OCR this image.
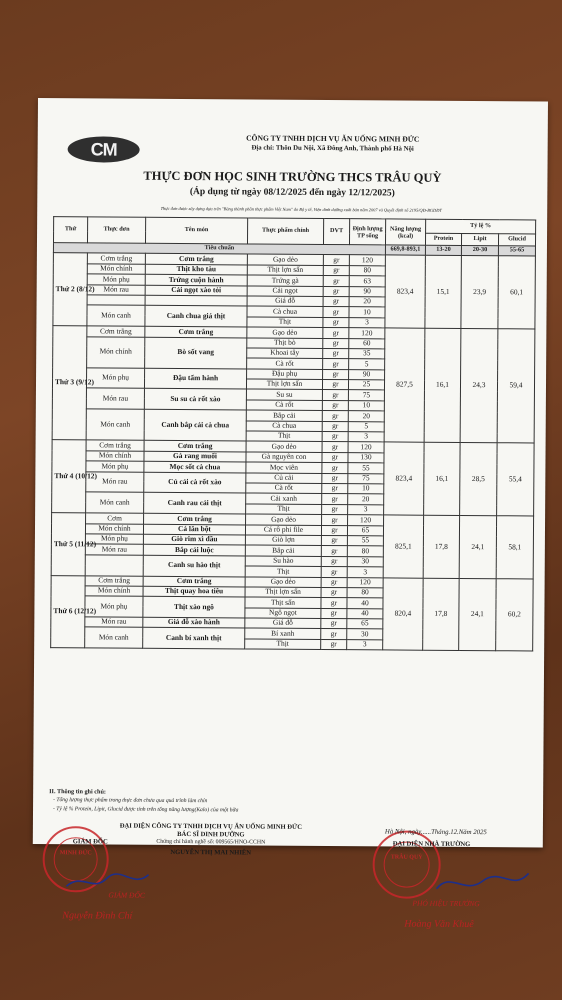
CM
CÔNG TY TNHH DỊCH VỤ ĂN UỐNG MINH ĐỨC
Địa chỉ: Thôn Du Nội, Xã Đông Anh, Thành phố Hà Nội
THỰC ĐƠN HỌC SINH TRƯỜNG THCS TRÂU QUỲ
(Áp dụng từ ngày 08/12/2025 đến ngày 12/12/2025)
Thực đơn được xây dựng dựa trên "Bảng thành phần thực phẩm Việt Nam" do Bộ y tế, Viện dinh dưỡng xuất bản năm 2007 và Quyết định số 2195/QĐ-BGDĐT
Thứ	Thực đơn	Tên món	Thực phẩm chính	DVT	Định lượng TP sống	Năng lượng (kcal)	Tỷ lệ %		
							Protein	Lipit	Glucid
Tiêu chuẩn						669,8-893,1	13-20	20-30	55-65
Thứ 2 (8/12)	Cơm trắng	Cơm trắng	Gạo dẻo	gr	120	823,4	15,1	23,9	60,1
	Món chính	Thịt kho tàu	Thịt lợn sấn	gr	80				
	Món phụ	Trứng cuộn hành	Trứng gà	gr	63				
	Món rau	Cải ngọt xào tỏi	Cải ngọt	gr	90				
			Giá đỗ	gr	20				
	Món canh	Canh chua giá thịt	Cà chua	gr	10				
			Thịt	gr	3				
Thứ 3 (9/12)	Cơm trắng	Cơm trắng	Gạo dẻo	gr	120	827,5	16,1	24,3	59,4
	Món chính	Bò sốt vang	Thịt bò	gr	60				
			Khoai tây	gr	35				
			Cà rốt	gr	5				
	Món phụ	Đậu tẩm hành	Đậu phụ	gr	90				
			Thịt lợn sấn	gr	25				
	Món rau	Su su cà rốt xào	Su su	gr	75				
			Cà rốt	gr	10				
	Món canh	Canh bắp cải cà chua	Bắp cải	gr	20				
			Cà chua	gr	5				
			Thịt	gr	3				
Thứ 4 (10/12)	Cơm trắng	Cơm trắng	Gạo dẻo	gr	120	823,4	16,1	28,5	55,4
	Món chính	Gà rang muối	Gà nguyên con	gr	130				
	Món phụ	Mọc sốt cà chua	Mọc viên	gr	55				
	Món rau	Củ cải cà rốt xào	Củ cải	gr	75				
			Cà rốt	gr	10				
	Món canh	Canh rau cải thịt	Cải xanh	gr	20				
			Thịt	gr	3				
Thứ 5 (11/12)	Cơm	Cơm trắng	Gạo dẻo	gr	120	825,1	17,8	24,1	58,1
	Món chính	Cá lăn bột	Cá rô phi file	gr	65				
	Món phụ	Giò rim xì dầu	Giò lợn	gr	55				
	Món rau	Bắp cải luộc	Bắp cải	gr	80				
		Canh su hào thịt	Su hào	gr	30				
			Thịt	gr	3				
Thứ 6 (12/12)	Cơm trắng	Cơm trắng	Gạo dẻo	gr	120	820,4	17,8	24,1	60,2
	Món chính	Thịt quay hoa tiêu	Thịt lợn sấn	gr	80				
	Món phụ	Thịt xào ngô	Thịt sấn	gr	40				
			Ngô ngọt	gr	40				
	Món rau	Giá đỗ xào hành	Giá đỗ	gr	65				
	Món canh	Canh bí xanh thịt	Bí xanh	gr	30				
			Thịt	gr	3				
II. Thông tin ghi chú:
- Tổng lượng thực phẩm trong thực đơn chưa qua quá trình làm chín
- Tỷ lệ % Protein, Lipit, Glucid được tính trên tổng năng lượng(Kalo) của một bữa
MINH ĐỨC
TRÂU QUỲ
ĐẠI DIỆN CÔNG TY TNHH DỊCH VỤ ĂN UỐNG MINH ĐỨC
BÁC SĨ DINH DƯỠNG
GIÁM ĐỐC	Chứng chỉ hành nghề số: 009565/HNO-CCHN
NGUYỄN THỊ MAI NHIÊN
GIÁM ĐỐC
Nguyễn Đình Chí
Hà Nội, ngày......Tháng.12.Năm 2025
ĐẠI DIỆN NHÀ TRƯỜNG
PHÓ HIỆU TRƯỞNG
Hoàng Văn Khuê
